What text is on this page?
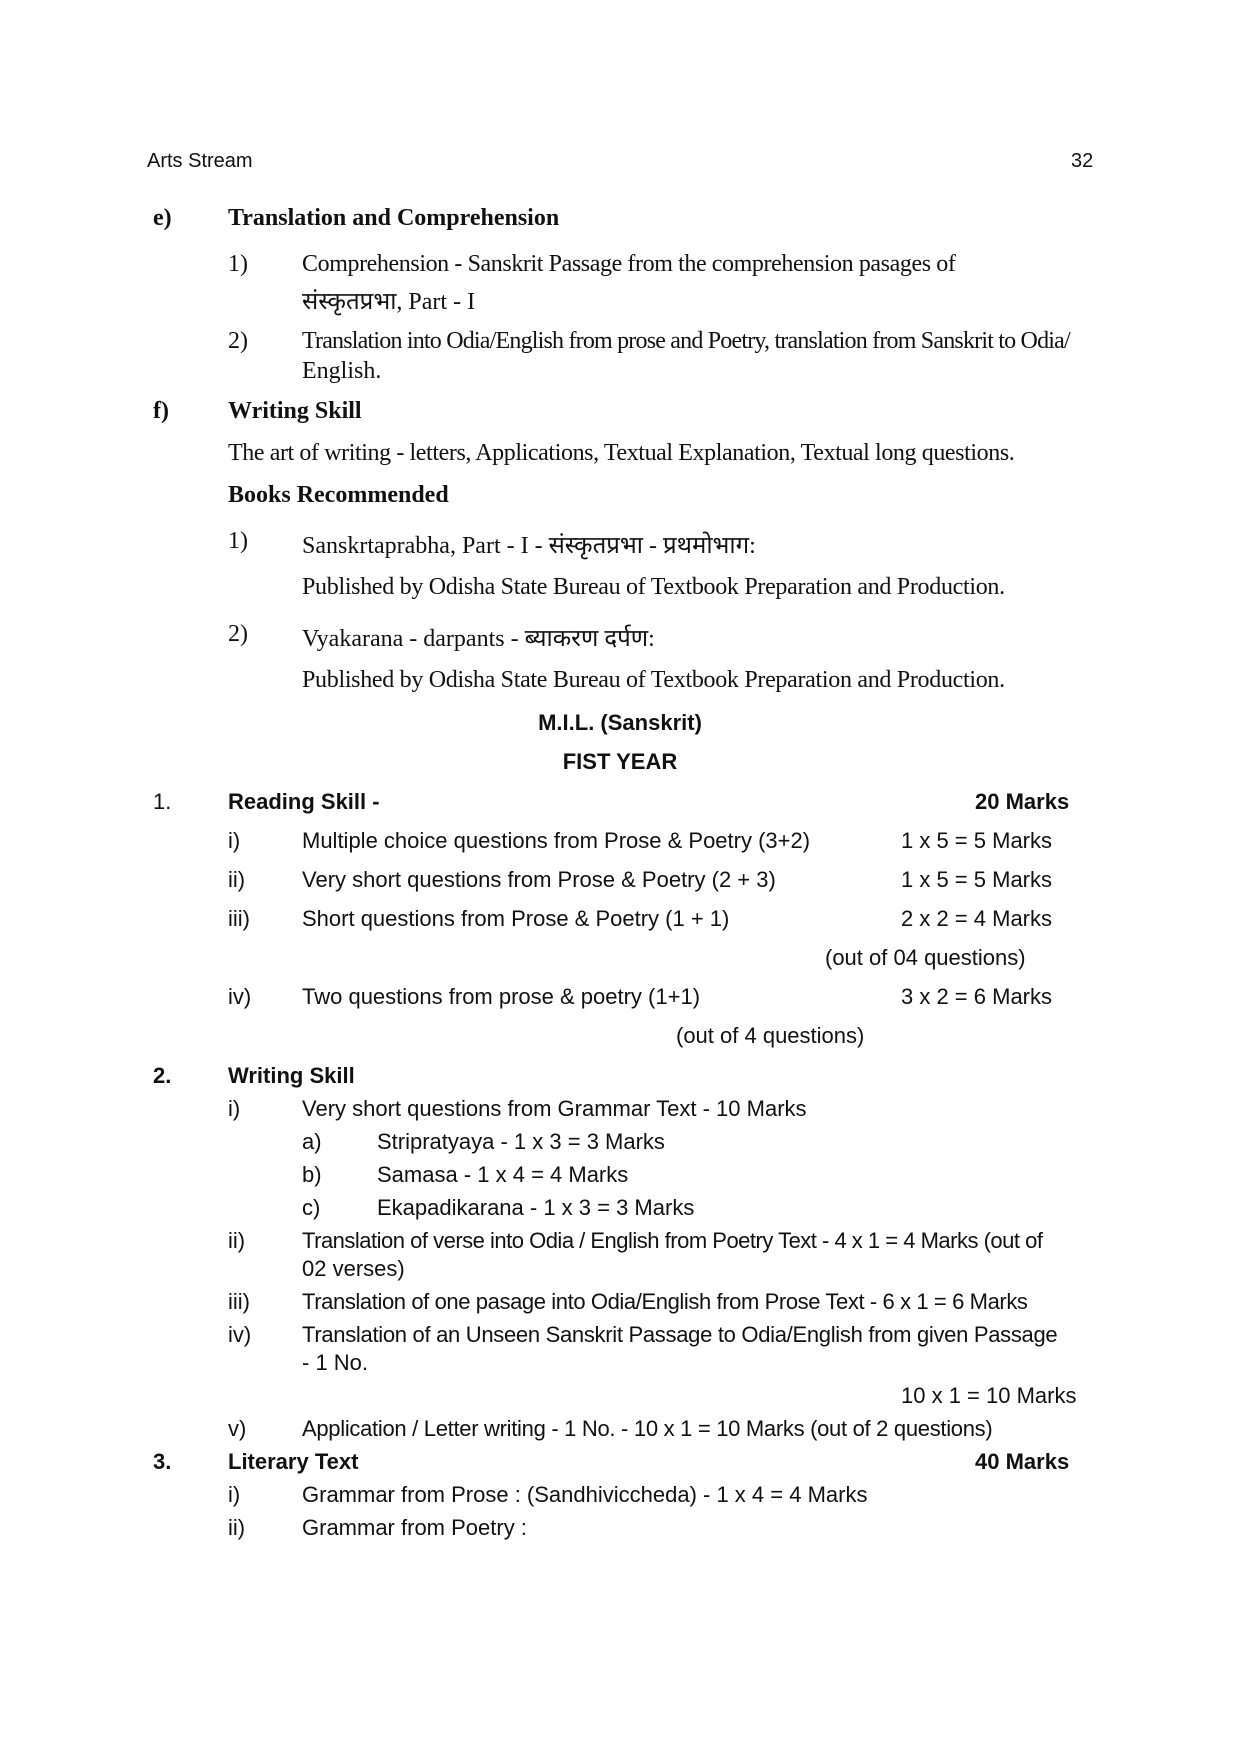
Arts Stream	32
e) Translation and Comprehension
1) Comprehension - Sanskrit Passage from the comprehension pasages of
संस्कृतप्रभा, Part - I
2) Translation into Odia/English from prose and Poetry, translation from Sanskrit to Odia/
English.
f) Writing Skill
The art of writing - letters, Applications, Textual Explanation, Textual long questions.
Books Recommended
1) Sanskrtaprabha, Part - I - संस्कृतप्रभा - प्रथमोभाग:
Published by Odisha State Bureau of Textbook Preparation and Production.
2) Vyakarana - darpants - ब्याकरण दर्पण:
Published by Odisha State Bureau of Textbook Preparation and Production.
M.I.L. (Sanskrit)
FIST YEAR
1.	Reading Skill -	20 Marks
i)	Multiple choice questions from Prose & Poetry (3+2)	1 x 5 = 5 Marks
ii)	Very short questions from Prose & Poetry (2 + 3)	1 x 5 = 5 Marks
iii) Short questions from Prose & Poetry (1 + 1)	2 x 2 = 4 Marks
(out of 04 questions)
iv) Two questions from prose & poetry (1+1)	3 x 2 = 6 Marks
(out of 4 questions)
2.	Writing Skill
i)	Very short questions from Grammar Text - 10 Marks
a)	Stripratyaya - 1 x 3 = 3 Marks
b)	Samasa - 1 x 4 = 4 Marks
c)	Ekapadikarana - 1 x 3 = 3 Marks
ii)	Translation of verse into Odia / English from Poetry Text - 4 x 1 = 4 Marks (out of
02 verses)
iii) Translation of one pasage into Odia/English from Prose Text - 6 x 1 = 6 Marks
iv) Translation of an Unseen Sanskrit Passage to Odia/English from given Passage
- 1 No.
10 x 1 = 10 Marks
v)	Application / Letter writing - 1 No. - 10 x 1 = 10 Marks (out of 2 questions)
3.	Literary Text	40 Marks
i)	Grammar from Prose : (Sandhiviccheda) - 1 x 4 = 4 Marks
ii)	Grammar from Poetry :
